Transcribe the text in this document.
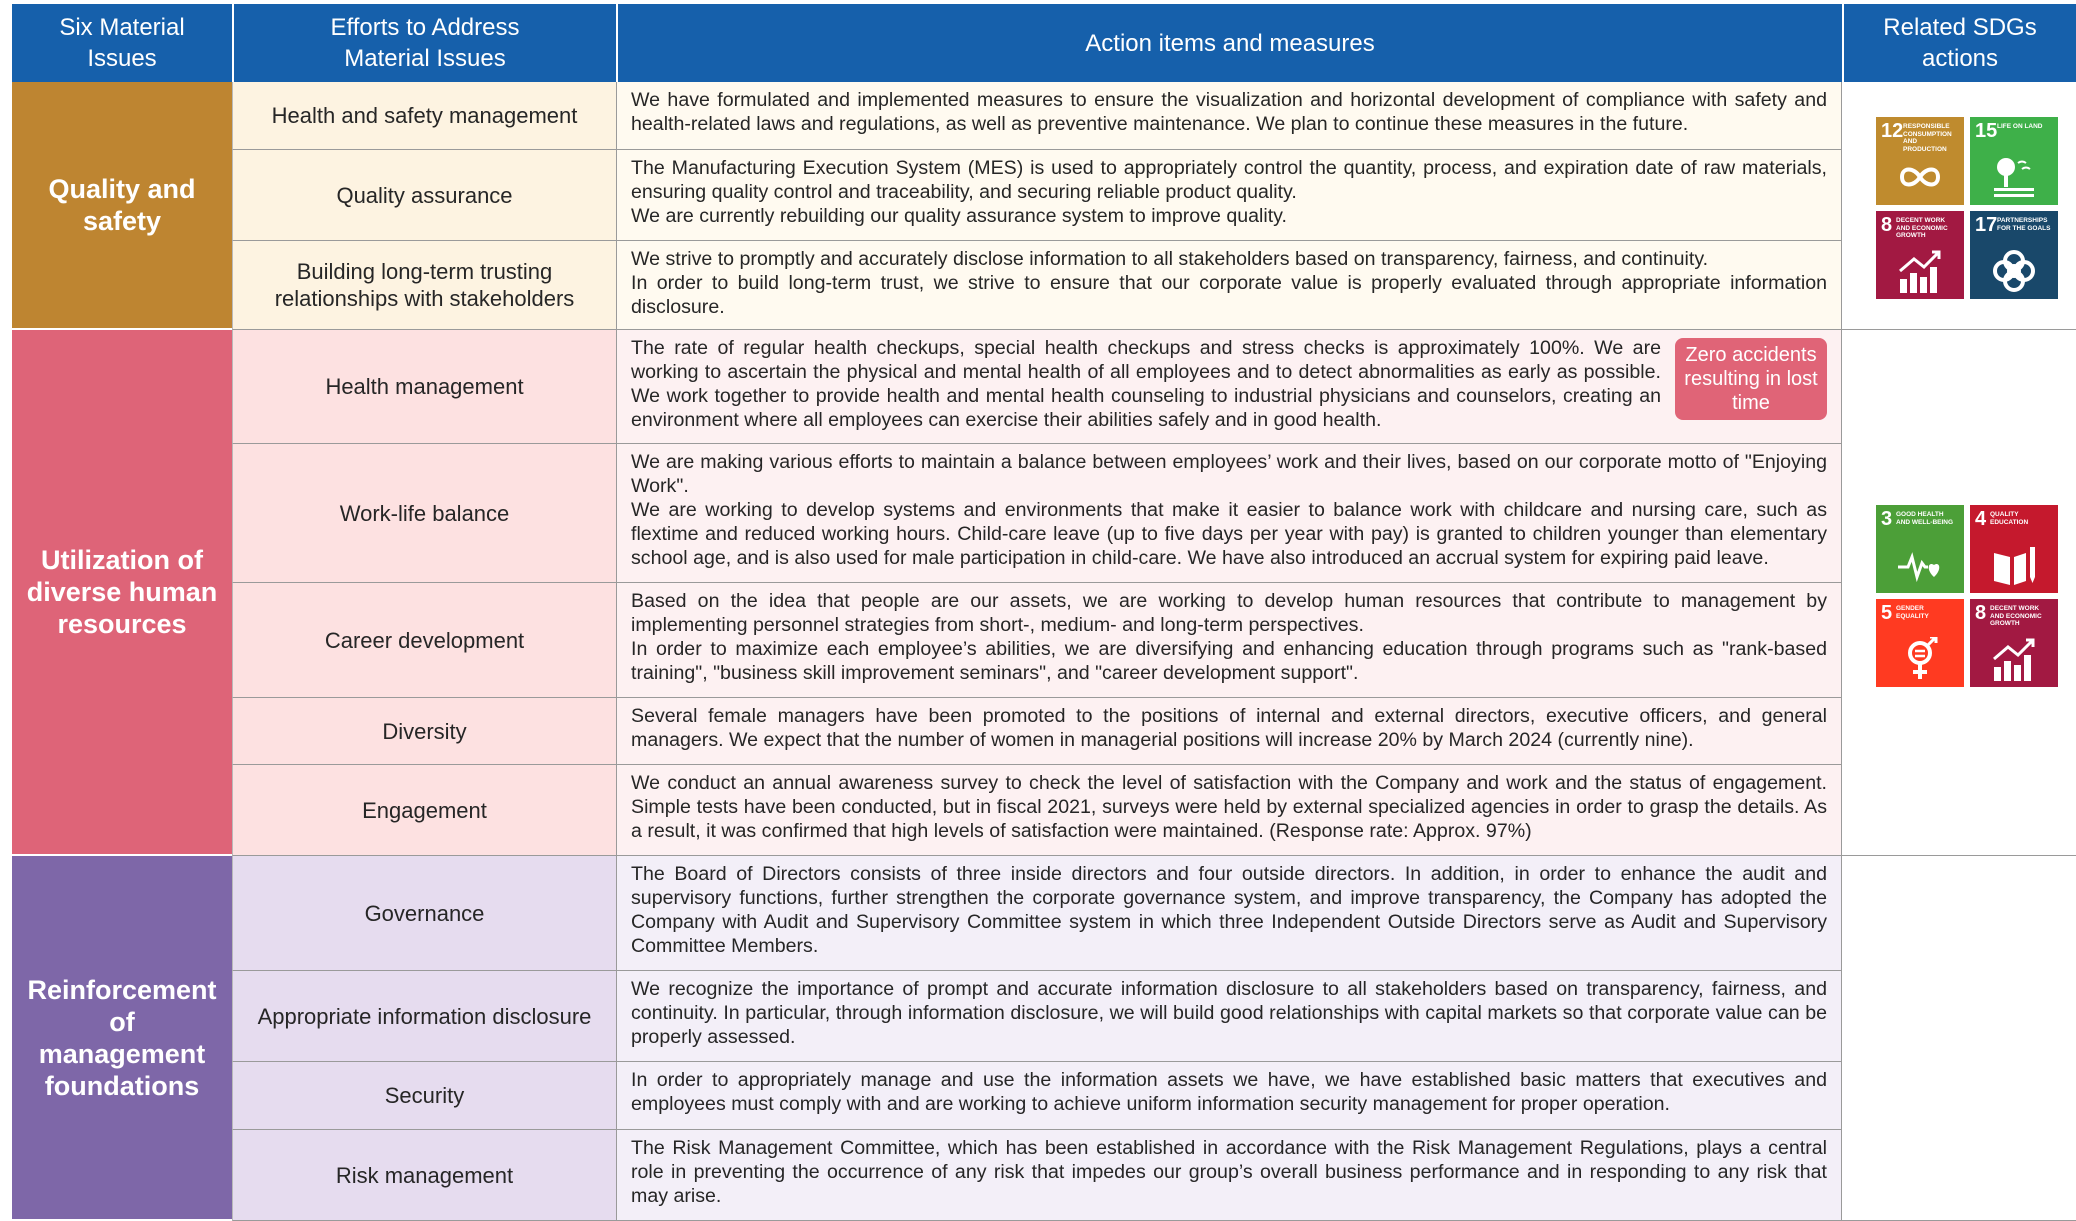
Six Material
Issues
Efforts to Address
Material Issues
Action items and measures
Related SDGs
actions
Quality and
safety
Health and safety management

We have formulated and implemented measures to ensure the visualization and horizontal development of compliance with safety and health-related laws and regulations, as well as preventive maintenance. We plan to continue these measures in the future.

Quality assurance

The Manufacturing Execution System (MES) is used to appropriately control the quantity, process, and expiration date of raw materials, ensuring quality control and traceability, and securing reliable product quality.

We are currently rebuilding our quality assurance system to improve quality.

Building long-term trusting
relationships with stakeholders

We strive to promptly and accurately disclose information to all stakeholders based on transparency, fairness, and continuity.

In order to build long-term trust, we strive to ensure that our corporate value is properly evaluated through appropriate information disclosure.

12 RESPONSIBLE CONSUMPTION AND PRODUCTION
15 LIFE ON LAND
8 DECENT WORK AND ECONOMIC GROWTH	17 PARTNERSHIPS FOR THE GOALS
Utilization of
diverse human
resources
Health management
Zero accidents resulting in lost time

The rate of regular health checkups, special health checkups and stress checks is approximately 100%. We are working to ascertain the physical and mental health of all employees and to detect abnormalities as early as possible. We work together to provide health and mental health counseling to industrial physicians and counselors, creating an environment where all employees can exercise their abilities safely and in good health.

Work-life balance

We are making various efforts to maintain a balance between employees’ work and their lives, based on our corporate motto of "Enjoying Work".

We are working to develop systems and environments that make it easier to balance work with childcare and nursing care, such as flextime and reduced working hours. Child-care leave (up to five days per year with pay) is granted to children younger than elementary school age, and is also used for male participation in child-care. We have also introduced an accrual system for expiring paid leave.

Career development

Based on the idea that people are our assets, we are working to develop human resources that contribute to management by implementing personnel strategies from short-, medium- and long-term perspectives.

In order to maximize each employee’s abilities, we are diversifying and enhancing education through programs such as "rank-based training", "business skill improvement seminars", and "career development support".

Diversity

Several female managers have been promoted to the positions of internal and external directors, executive officers, and general managers. We expect that the number of women in managerial positions will increase 20% by March 2024 (currently nine).

Engagement

We conduct an annual awareness survey to check the level of satisfaction with the Company and work and the status of engagement. Simple tests have been conducted, but in fiscal 2021, surveys were held by external specialized agencies in order to grasp the details. As a result, it was confirmed that high levels of satisfaction were maintained. (Response rate: Approx. 97%)

3 GOOD HEALTH AND WELL-BEING 4 QUALITY EDUCATION
5 GENDER EQUALITY	8 DECENT WORK AND ECONOMIC GROWTH
Reinforcement
of
management
foundations
Governance

The Board of Directors consists of three inside directors and four outside directors. In addition, in order to enhance the audit and supervisory functions, further strengthen the corporate governance system, and improve transparency, the Company has adopted the Company with Audit and Supervisory Committee system in which three Independent Outside Directors serve as Audit and Supervisory Committee Members.

Appropriate information disclosure

We recognize the importance of prompt and accurate information disclosure to all stakeholders based on transparency, fairness, and continuity. In particular, through information disclosure, we will build good relationships with capital markets so that corporate value can be properly assessed.

Security

In order to appropriately manage and use the information assets we have, we have established basic matters that executives and employees must comply with and are working to achieve uniform information security management for proper operation.

Risk management

The Risk Management Committee, which has been established in accordance with the Risk Management Regulations, plays a central role in preventing the occurrence of any risk that impedes our group’s overall business performance and in responding to any risk that may arise.
